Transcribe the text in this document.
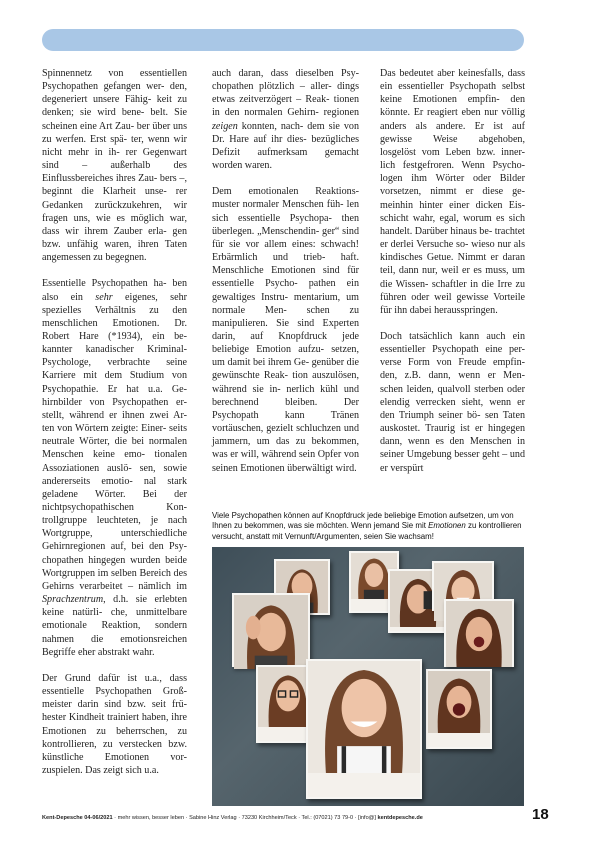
Spinnennetz von essentiellen Psychopathen gefangen wer- den, degeneriert unsere Fähig- keit zu denken; sie wird bene- belt. Sie scheinen eine Art Zau- ber über uns zu werfen. Erst spä- ter, wenn wir nicht mehr in ih- rer Gegenwart sind – außerhalb des Einflussbereiches ihres Zau- bers –, beginnt die Klarheit unse- rer Gedanken zurückzukehren, wir fragen uns, wie es möglich war, dass wir ihrem Zauber erla- gen bzw. unfähig waren, ihren Taten angemessen zu begegnen.

Essentielle Psychopathen ha- ben also ein sehr eigenes, sehr spezielles Verhältnis zu den menschlichen Emotionen. Dr. Robert Hare (*1934), ein be- kannter kanadischer Kriminal- Psychologe, verbrachte seine Karriere mit dem Studium von Psychopathie. Er hat u.a. Ge- hirnbilder von Psychopathen er- stellt, während er ihnen zwei Ar- ten von Wörtern zeigte: Einer- seits neutrale Wörter, die bei normalen Menschen keine emo- tionalen Assoziationen auslö- sen, sowie andererseits emotio- nal stark geladene Wörter. Bei der nichtpsychopathischen Kon- trollgruppe leuchteten, je nach Wortgruppe, unterschiedliche Gehirnregionen auf, bei den Psy- chopathen hingegen wurden beide Wortgruppen im selben Bereich des Gehirns verarbeitet – nämlich im Sprachzentrum, d.h. sie erlebten keine natürli- che, unmittelbare emotionale Reaktion, sondern nahmen die emotionsreichen Begriffe eher abstrakt wahr.

Der Grund dafür ist u.a., dass essentielle Psychopathen Groß- meister darin sind bzw. seit frü- hester Kindheit trainiert haben, ihre Emotionen zu beherrschen, zu kontrollieren, zu verstecken bzw. künstliche Emotionen vor- zuspielen. Das zeigt sich u.a.

auch daran, dass dieselben Psy- chopathen plötzlich – aller- dings etwas zeitverzögert – Reak- tionen in den normalen Gehirn- regionen zeigen konnten, nach- dem sie von Dr. Hare auf ihr dies- bezügliches Defizit aufmerksam gemacht worden waren.

Dem emotionalen Reaktions- muster normaler Menschen füh- len sich essentielle Psychopa- then überlegen. „Menschendin- ger“ sind für sie vor allem eines: schwach! Erbärmlich und trieb- haft. Menschliche Emotionen sind für essentielle Psycho- pathen ein gewaltiges Instru- mentarium, um normale Men- schen zu manipulieren. Sie sind Experten darin, auf Knopfdruck jede beliebige Emotion aufzu- setzen, um damit bei ihrem Ge- genüber die gewünschte Reak- tion auszulösen, während sie in- nerlich kühl und berechnend bleiben. Der Psychopath kann Tränen vortäuschen, gezielt schluchzen und jammern, um das zu bekommen, was er will, während sein Opfer von seinen Emotionen überwältigt wird.

Das bedeutet aber keinesfalls, dass ein essentieller Psychopath selbst keine Emotionen empfin- den könnte. Er reagiert eben nur völlig anders als andere. Er ist auf gewisse Weise abgehoben, losgelöst vom Leben bzw. inner- lich festgefroren. Wenn Psycho- logen ihm Wörter oder Bilder vorsetzen, nimmt er diese ge- meinhin hinter einer dicken Eis- schicht wahr, egal, worum es sich handelt. Darüber hinaus be- trachtet er derlei Versuche so- wieso nur als kindisches Getue. Nimmt er daran teil, dann nur, weil er es muss, um die Wissen- schaftler in die Irre zu führen oder weil gewisse Vorteile für ihn dabei herausspringen.

Doch tatsächlich kann auch ein essentieller Psychopath eine per- verse Form von Freude empfin- den, z.B. dann, wenn er Men- schen leiden, qualvoll sterben oder elendig verrecken sieht, wenn er den Triumph seiner bö- sen Taten auskostet. Traurig ist er hingegen dann, wenn es den Menschen in seiner Umgebung besser geht – und er verspürt

Viele Psychopathen können auf Knopfdruck jede beliebige Emotion aufsetzen, um von Ihnen zu bekommen, was sie möchten. Wenn jemand Sie mit Emotionen zu kontrollieren versucht, anstatt mit Vernunft/Argumenten, seien Sie wachsam!
Kent-Depesche 04-06/2021 · mehr wissen, besser leben · Sabine Hinz Verlag · 73230 Kirchheim/Teck · Tel.: (07021) 73 79-0 · [info@] kentdepesche.de	18
